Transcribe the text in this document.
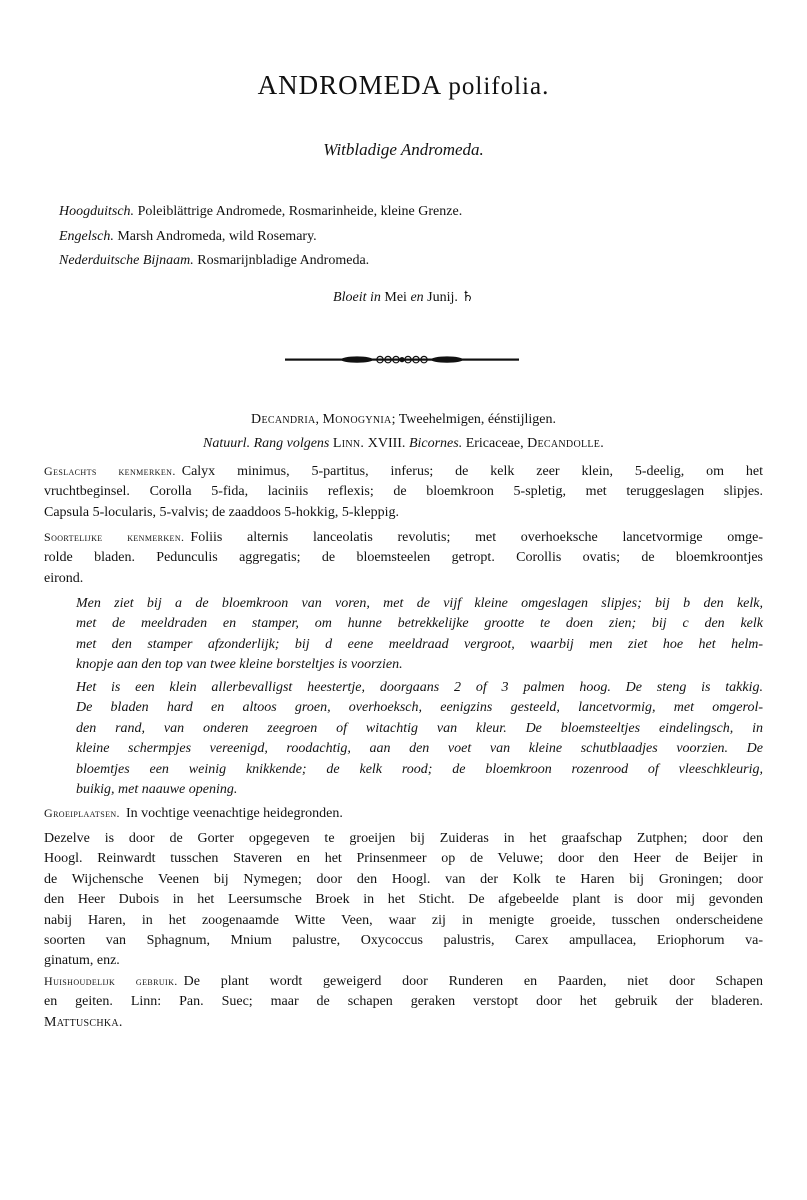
ANDROMEDA polifolia.
Witbladige Andromeda.
Hoogduitsch. Poleiblättrige Andromede, Rosmarinheide, kleine Grenze.
Engelsch. Marsh Andromeda, wild Rosemary.
Nederduitsche Bijnaam. Rosmarijnbladige Andromeda.
Bloeit in Mei en Junij. ♄
Decandria, Monogynia; Tweehelmigen, éénstijligen.
Natuurl. Rang volgens Linn. XVIII. Bicornes. Ericaceae, Decandolle.
Geslachts kenmerken. Calyx minimus, 5-partitus, inferus; de kelk zeer klein, 5-deelig, om het
vruchtbeginsel. Corolla 5-fida, laciniis reflexis; de bloemkroon 5-spletig, met teruggeslagen slipjes.
Capsula 5-locularis, 5-valvis; de zaaddoos 5-hokkig, 5-kleppig.
Soortelijke kenmerken. Foliis alternis lanceolatis revolutis; met overhoeksche lancetvormige omge-
rolde bladen. Pedunculis aggregatis; de bloemsteelen getropt. Corollis ovatis; de bloemkroontjes
eirond.
Men ziet bij a de bloemkroon van voren, met de vijf kleine omgeslagen slipjes; bij b den kelk,
met de meeldraden en stamper, om hunne betrekkelijke grootte te doen zien; bij c den kelk
met den stamper afzonderlijk; bij d eene meeldraad vergroot, waarbij men ziet hoe het helm-
knopje aan den top van twee kleine borsteltjes is voorzien.
Het is een klein allerbevalligst heestertje, doorgaans 2 of 3 palmen hoog. De steng is takkig.
De bladen hard en altoos groen, overhoeksch, eenigzins gesteeld, lancetvormig, met omgerol-
den rand, van onderen zeegroen of witachtig van kleur. De bloemsteeltjes eindelingsch, in
kleine schermpjes vereenigd, roodachtig, aan den voet van kleine schutblaadjes voorzien. De
bloemtjes een weinig knikkende; de kelk rood; de bloemkroon rozenrood of vleeschkleurig,
buikig, met naauwe opening.
Groeiplaatsen. In vochtige veenachtige heidegronden.
Dezelve is door de Gorter opgegeven te groeijen bij Zuideras in het graafschap Zutphen; door den
Hoogl. Reinwardt tusschen Staveren en het Prinsenmeer op de Veluwe; door den Heer de Beijer in
de Wijchensche Veenen bij Nymegen; door den Hoogl. van der Kolk te Haren bij Groningen; door
den Heer Dubois in het Leersumsche Broek in het Sticht. De afgebeelde plant is door mij gevonden
nabij Haren, in het zoogenaamde Witte Veen, waar zij in menigte groeide, tusschen onderscheidene
soorten van Sphagnum, Mnium palustre, Oxycoccus palustris, Carex ampullacea, Eriophorum va-
ginatum, enz.
Huishoudelijk gebruik. De plant wordt geweigerd door Runderen en Paarden, niet door Schapen
en geiten. Linn: Pan. Suec; maar de schapen geraken verstopt door het gebruik der bladeren.
Mattuschka.
